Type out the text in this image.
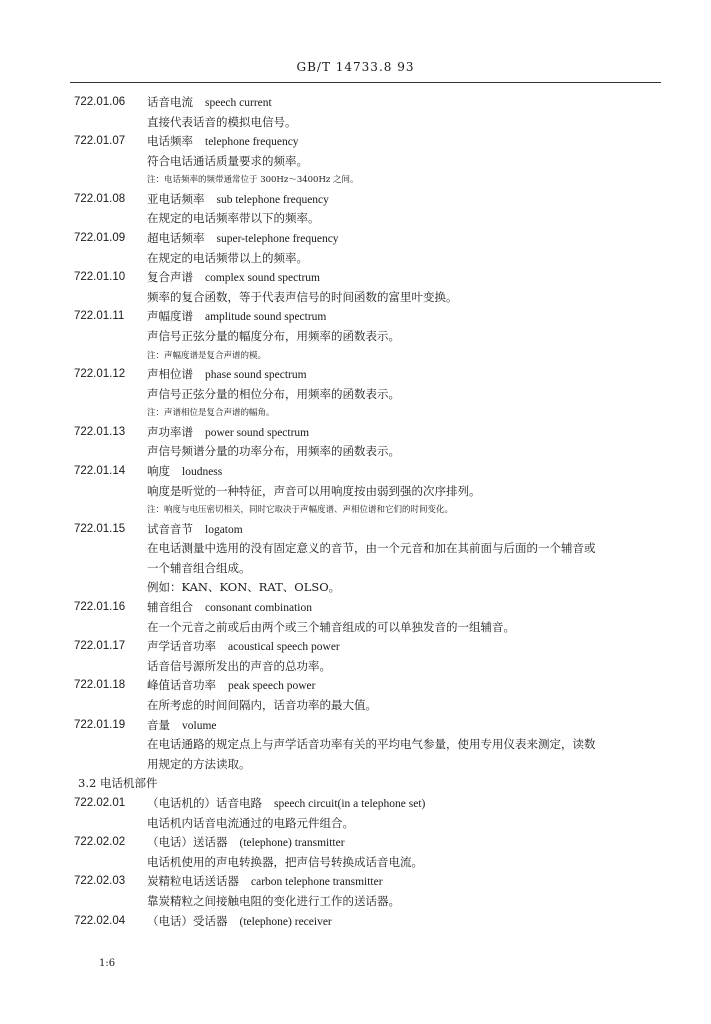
GB/T 14733.8 93
722.01.06 话音电流 speech current
直接代表话音的模拟电信号。
722.01.07 电话频率 telephone frequency
符合电话通话质量要求的频率。
注：电话频率的频带通常位于 300Hz～3400Hz 之间。
722.01.08 亚电话频率 sub telephone frequency
在规定的电话频率带以下的频率。
722.01.09 超电话频率 super-telephone frequency
在规定的电话频带以上的频率。
722.01.10 复合声谱 complex sound spectrum
频率的复合函数，等于代表声信号的时间函数的富里叶变换。
722.01.11 声幅度谱 amplitude sound spectrum
声信号正弦分量的幅度分布，用频率的函数表示。
注：声幅度谱是复合声谱的模。
722.01.12 声相位谱 phase sound spectrum
声信号正弦分量的相位分布，用频率的函数表示。
注：声谱相位是复合声谱的幅角。
722.01.13 声功率谱 power sound spectrum
声信号频谱分量的功率分布，用频率的函数表示。
722.01.14 响度 loudness
响度是听觉的一种特征，声音可以用响度按由弱到强的次序排列。
注：响度与电压密切相关，同时它取决于声幅度谱、声相位谱和它们的时间变化。
722.01.15 试音音节 logatom
在电话测量中选用的没有固定意义的音节，由一个元音和加在其前面与后面的一个辅音或
一个辅音组合组成。
例如：KAN、KON、RAT、OLSO。
722.01.16 辅音组合 consonant combination
在一个元音之前或后由两个或三个辅音组成的可以单独发音的一组辅音。
722.01.17 声学话音功率 acoustical speech power
话音信号源所发出的声音的总功率。
722.01.18 峰值话音功率 peak speech power
在所考虑的时间间隔内，话音功率的最大值。
722.01.19 音量 volume
在电话通路的规定点上与声学话音功率有关的平均电气参量，使用专用仪表来测定，读数
用规定的方法读取。
3.2 电话机部件
722.02.01 （电话机的）话音电路 speech circuit(in a telephone set)
电话机内话音电流通过的电路元件组合。
722.02.02 （电话）送话器 (telephone) transmitter
电话机使用的声电转换器，把声信号转换成话音电流。
722.02.03 炭精粒电话送话器 carbon telephone transmitter
靠炭精粒之间接触电阻的变化进行工作的送话器。
722.02.04 （电话）受话器 (telephone) receiver
1:6
